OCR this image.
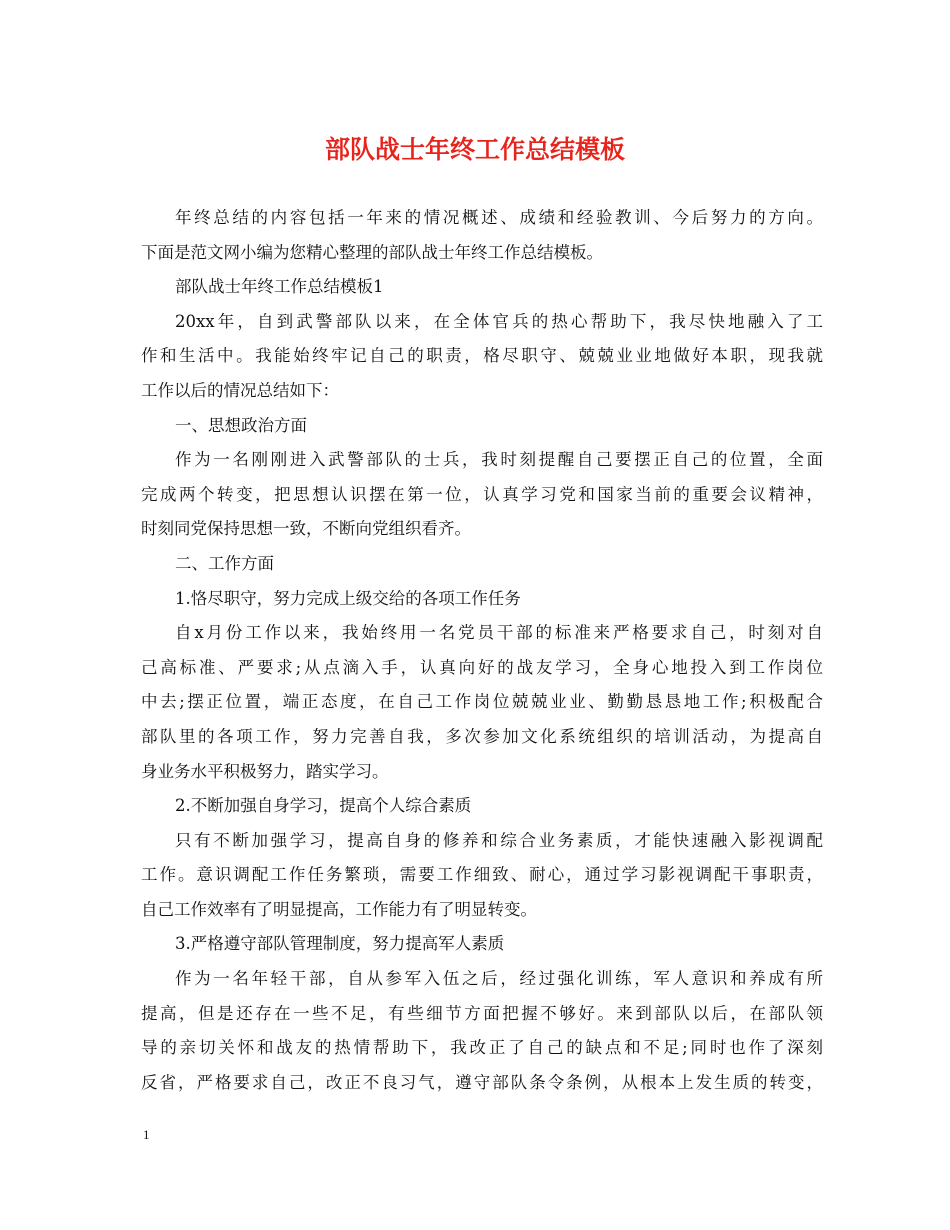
部队战士年终工作总结模板
年终总结的内容包括一年来的情况概述、成绩和经验教训、今后努力的方向。
下面是范文网小编为您精心整理的部队战士年终工作总结模板。
部队战士年终工作总结模板1
20xx年，自到武警部队以来，在全体官兵的热心帮助下，我尽快地融入了工
作和生活中。我能始终牢记自己的职责，格尽职守、兢兢业业地做好本职，现我就
工作以后的情况总结如下：
一、思想政治方面
作为一名刚刚进入武警部队的士兵，我时刻提醒自己要摆正自己的位置，全面
完成两个转变，把思想认识摆在第一位，认真学习党和国家当前的重要会议精神，
时刻同党保持思想一致，不断向党组织看齐。
二、工作方面
1.恪尽职守，努力完成上级交给的各项工作任务
自x月份工作以来，我始终用一名党员干部的标准来严格要求自己，时刻对自
己高标准、严要求;从点滴入手，认真向好的战友学习，全身心地投入到工作岗位
中去;摆正位置，端正态度，在自己工作岗位兢兢业业、勤勤恳恳地工作;积极配合
部队里的各项工作，努力完善自我，多次参加文化系统组织的培训活动，为提高自
身业务水平积极努力，踏实学习。
2.不断加强自身学习，提高个人综合素质
只有不断加强学习，提高自身的修养和综合业务素质，才能快速融入影视调配
工作。意识调配工作任务繁琐，需要工作细致、耐心，通过学习影视调配干事职责，
自己工作效率有了明显提高，工作能力有了明显转变。
3.严格遵守部队管理制度，努力提高军人素质
作为一名年轻干部，自从参军入伍之后，经过强化训练，军人意识和养成有所
提高，但是还存在一些不足，有些细节方面把握不够好。来到部队以后，在部队领
导的亲切关怀和战友的热情帮助下，我改正了自己的缺点和不足;同时也作了深刻
反省，严格要求自己，改正不良习气，遵守部队条令条例，从根本上发生质的转变，
1
